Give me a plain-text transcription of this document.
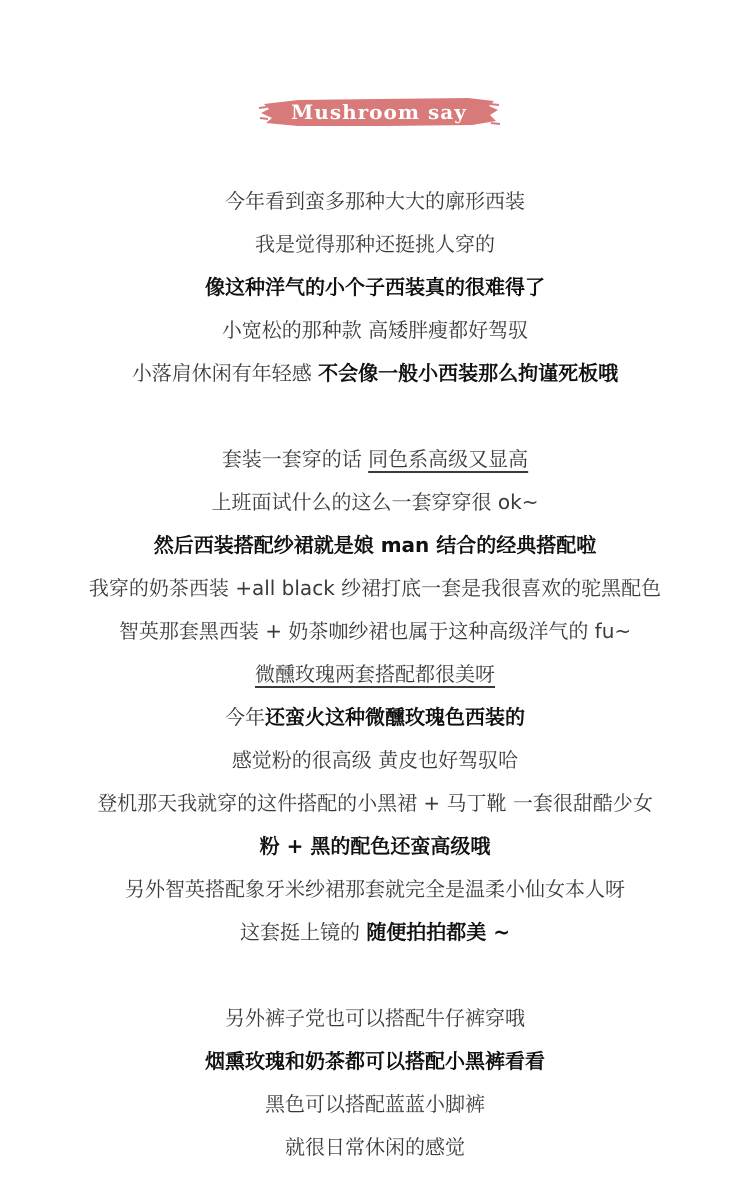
Mushroom say
今年看到蛮多那种大大的廓形西装
我是觉得那种还挺挑人穿的
像这种洋气的小个子西装真的很难得了
小宽松的那种款 高矮胖瘦都好驾驭
小落肩休闲有年轻感 不会像一般小西装那么拘谨死板哦
套装一套穿的话 同色系高级又显高
上班面试什么的这么一套穿穿很 ok~
然后西装搭配纱裙就是娘 man 结合的经典搭配啦
我穿的奶茶西装 +all black 纱裙打底一套是我很喜欢的驼黑配色
智英那套黑西装 + 奶茶咖纱裙也属于这种高级洋气的 fu~
微醺玫瑰两套搭配都很美呀
今年还蛮火这种微醺玫瑰色西装的
感觉粉的很高级 黄皮也好驾驭哈
登机那天我就穿的这件搭配的小黑裙 + 马丁靴 一套很甜酷少女
粉 + 黑的配色还蛮高级哦
另外智英搭配象牙米纱裙那套就完全是温柔小仙女本人呀
这套挺上镜的 随便拍拍都美 ~
另外裤子党也可以搭配牛仔裤穿哦
烟熏玫瑰和奶茶都可以搭配小黑裤看看
黑色可以搭配蓝蓝小脚裤
就很日常休闲的感觉
